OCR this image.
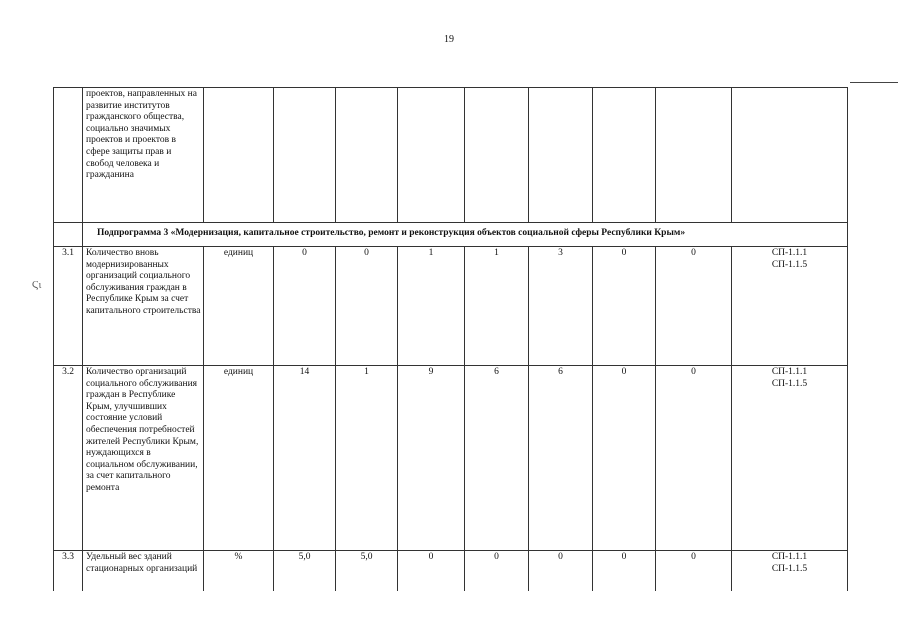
19
Ϛι
	проектов, направленных на развитие институтов гражданского общества, социально значимых проектов и проектов в сфере защиты прав и свобод человека и гражданина									
	Подпрограмма 3 «Модернизация, капитальное строительство, ремонт и реконструкция объектов социальной сферы Республики Крым»									
3.1	Количество вновь модернизированных организаций социального обслуживания граждан в Республике Крым за счет капитального строительства	единиц	0	0	1	1	3	0	0	СП-1.1.1
СП-1.1.5
3.2	Количество организаций социального обслуживания граждан в Республике Крым, улучшивших состояние условий обеспечения потребностей жителей Республики Крым, нуждающихся в социальном обслуживании, за счет капитального ремонта	единиц	14	1	9	6	6	0	0	СП-1.1.1
СП-1.1.5
3.3	Удельный вес зданий стационарных организаций	%	5,0	5,0	0	0	0	0	0	СП-1.1.1
СП-1.1.5
